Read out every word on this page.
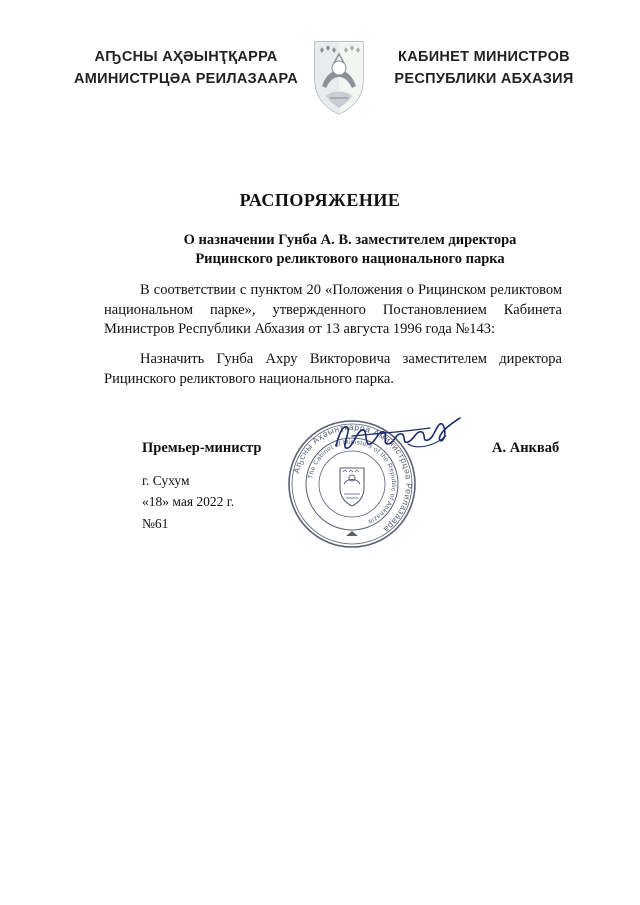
АҦСНЫ АҲӘЫНҬҚАРРА
АМИНИСТРЦӘА РЕИЛАЗААРА
КАБИНЕТ МИНИСТРОВ
РЕСПУБЛИКИ АБХАЗИЯ
РАСПОРЯЖЕНИЕ
О назначении Гунба А. В. заместителем директора
Рицинского реликтового национального парка
В соответствии с пунктом 20 «Положения о Рицинском реликтовом
национальном парке», утвержденного Постановлением Кабинета
Министров Республики Абхазия от 13 августа 1996 года №143:
Назначить Гунба Ахру Викторовича заместителем директора
Рицинского реликтового национального парка.
Аҧсны Аҳәынҭқарра Аминистрцәа Реилазаара
The Cabinet of Ministers of the Republic of Abkhazia
Премьер-министр	А. Анкваб
г. Сухум
«18» мая 2022 г.
№61
